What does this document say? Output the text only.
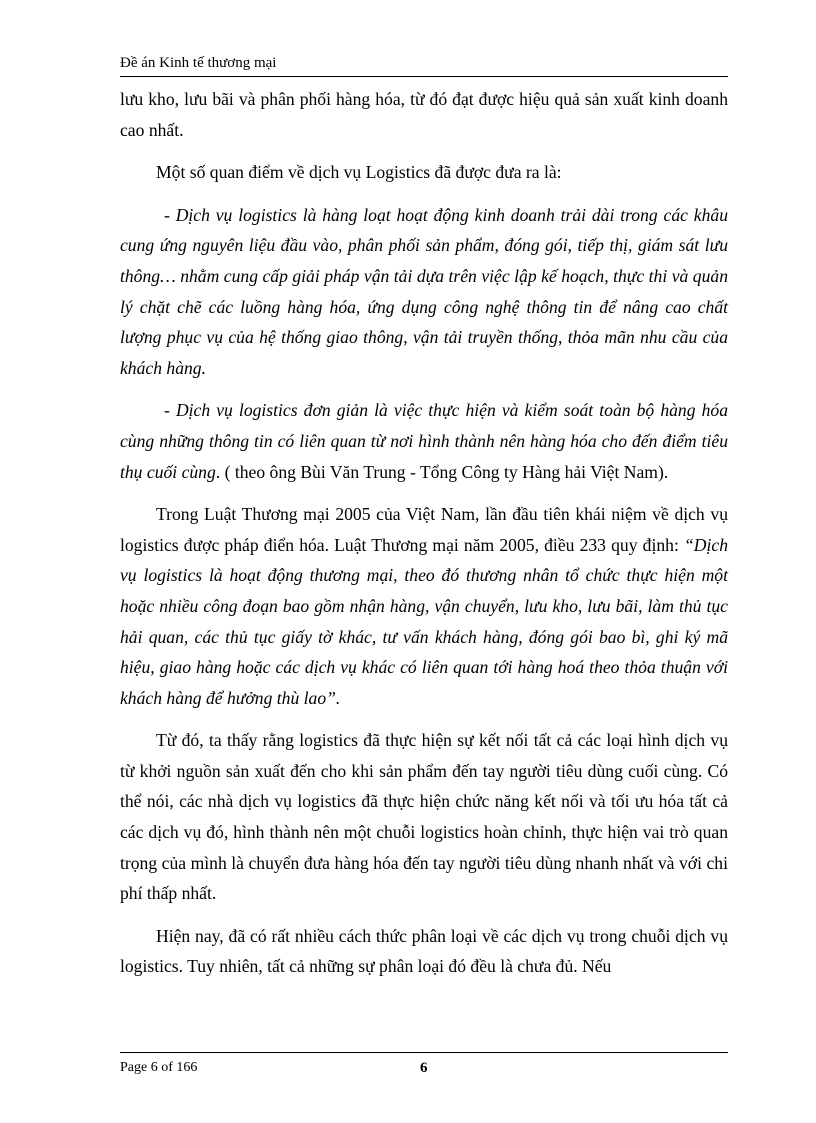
Đề án Kinh tế thương mại

lưu kho, lưu bãi và phân phối hàng hóa, từ đó đạt được hiệu quả sản xuất kinh doanh cao nhất.

Một số quan điểm về dịch vụ Logistics đã được đưa ra là:

- Dịch vụ logistics là hàng loạt hoạt động kinh doanh trải dài trong các khâu cung ứng nguyên liệu đầu vào, phân phối sản phẩm, đóng gói, tiếp thị, giám sát lưu thông… nhằm cung cấp giải pháp vận tải dựa trên việc lập kế hoạch, thực thi và quản lý chặt chẽ các luồng hàng hóa, ứng dụng công nghệ thông tin để nâng cao chất lượng phục vụ của hệ thống giao thông, vận tải truyền thống, thỏa mãn nhu cầu của khách hàng.

- Dịch vụ logistics đơn giản là việc thực hiện và kiểm soát toàn bộ hàng hóa cùng những thông tin có liên quan từ nơi hình thành nên hàng hóa cho đến điểm tiêu thụ cuối cùng. ( theo ông Bùi Văn Trung - Tổng Công ty Hàng hải Việt Nam).

Trong Luật Thương mại 2005 của Việt Nam, lần đầu tiên khái niệm về dịch vụ logistics được pháp điển hóa. Luật Thương mại năm 2005, điều 233 quy định: “Dịch vụ logistics là hoạt động thương mại, theo đó thương nhân tổ chức thực hiện một hoặc nhiều công đoạn bao gồm nhận hàng, vận chuyển, lưu kho, lưu bãi, làm thủ tục hải quan, các thủ tục giấy tờ khác, tư vấn khách hàng, đóng gói bao bì, ghi ký mã hiệu, giao hàng hoặc các dịch vụ khác có liên quan tới hàng hoá theo thỏa thuận với khách hàng để hưởng thù lao”.

Từ đó, ta thấy rằng logistics đã thực hiện sự kết nối tất cả các loại hình dịch vụ từ khởi nguồn sản xuất đến cho khi sản phẩm đến tay người tiêu dùng cuối cùng. Có thể nói, các nhà dịch vụ logistics đã thực hiện chức năng kết nối và tối ưu hóa tất cả các dịch vụ đó, hình thành nên một chuỗi logistics hoàn chỉnh, thực hiện vai trò quan trọng của mình là chuyển đưa hàng hóa đến tay người tiêu dùng nhanh nhất và với chi phí thấp nhất.

Hiện nay, đã có rất nhiều cách thức phân loại về các dịch vụ trong chuỗi dịch vụ logistics. Tuy nhiên, tất cả những sự phân loại đó đều là chưa đủ. Nếu

Page 6 of 166	6
